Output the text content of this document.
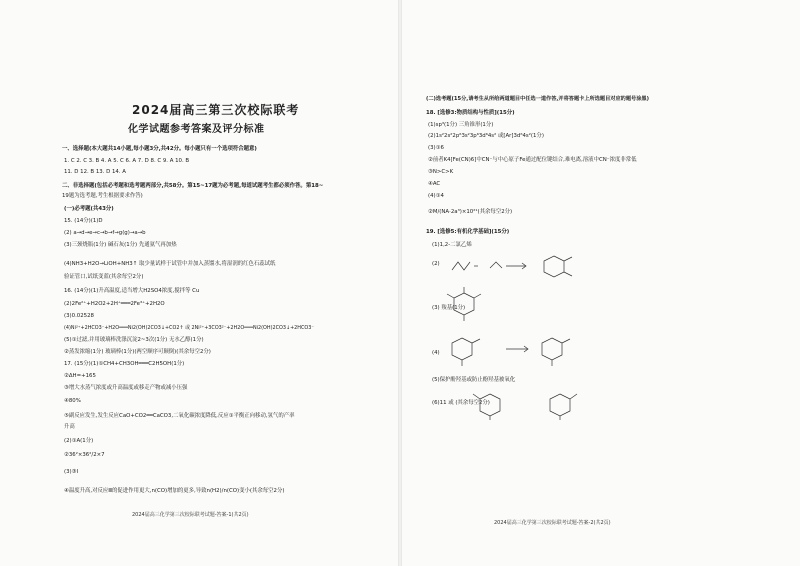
2024届高三第三次校际联考
化学试题参考答案及评分标准
一、选择题(本大题共14小题,每小题3分,共42分。每小题只有一个选项符合题意)
1. C 2. C 3. B 4. A 5. C 6. A 7. D 8. C 9. A 10. B
11. D 12. B 13. D 14. A
二、非选择题(包括必考题和选考题两部分,共58分。第15~17题为必考题,每道试题考生都必须作答。第18~
19题为选考题,考生根据要求作答)
(一)必考题(共43分)
15. (14分)(1)D
(2) a→d→e→c→b→f→g(g)→a→b
(3)三颈烧瓶(1分) 碱石灰(1分) 先通氨气再加热
(4)NH3+H2O→LiOH+NH3↑ 取少量试样于试管中并加入蒸馏水,将湿润的红色石蕊试纸
验证管口,试纸变蓝(其余每空2分)
16. (14分)(1)升高温度,适当增大H2SO4浓度,搅拌等 Cu
(2)2Fe²⁺+H2O2+2H⁺═══2Fe³⁺+2H2O
(3)0.02528
(4)Ni²⁺+2HCO3⁻+H2O═══Ni2(OH)2CO3↓+CO2↑ 或 2Ni²⁺+3CO3²⁻+2H2O═══Ni2(OH)2CO3↓+2HCO3⁻
(5)①过滤,并用玻璃棒洗涤沉淀2~3次(1分) 无水乙醇(1分)
②蒸发浓缩(1分) 玻璃棒(1分)(两空顺序可颠倒)(其余每空2分)
17. (15分)(1)①CH4+CH3OH═══C2H5OH(1分)
②ΔH=+165
③增大水蒸气浓度或升高温度或移走产物或减小压强
④80%
⑤副反应发生,发生反应CaO+CO2══CaCO3,二氧化碳浓度降低,反应①平衡正向移动,氢气的产率
升高
(2)①A(1分)
②36²×36²/2×7
(3)③Ⅰ
④温度升高,对反应Ⅲ的促进作用更大,n(CO)增加的更多,导致n(H2)/n(CO)变小(其余每空2分)
2024届高三化学第三次校际联考试题-答案-1(共2页)
(二)选考题(15分,请考生从所给两道题目中任选一道作答,并将答题卡上所选题目对应的题号涂黑)
18. [选修3:物质结构与性质](15分)
(1)sp³(1分) 三角锥形(1分)
(2)1s²2s²2p⁶3s²3p⁶3d⁶4s² 或[Ar]3d⁶4s²(1分)
(3)①6
②前者K4[Fe(CN)6]中CN⁻与中心原子Fe通过配位键结合,难电离,溶液中CN⁻浓度非常低
③N>C>K
④AC
(4)①4
②M/(NA·2a³)×10²¹(其余每空2分)
19. [选修5:有机化学基础](15分)
(1)1,2-二氯乙烯
(2)
(3) 羧基(1分)
(4)
(5)保护酚羟基或防止酚羟基被氧化
(6)11 或 (其余每空2分)
2024届高三化学第三次校际联考试题-答案-2(共2页)
